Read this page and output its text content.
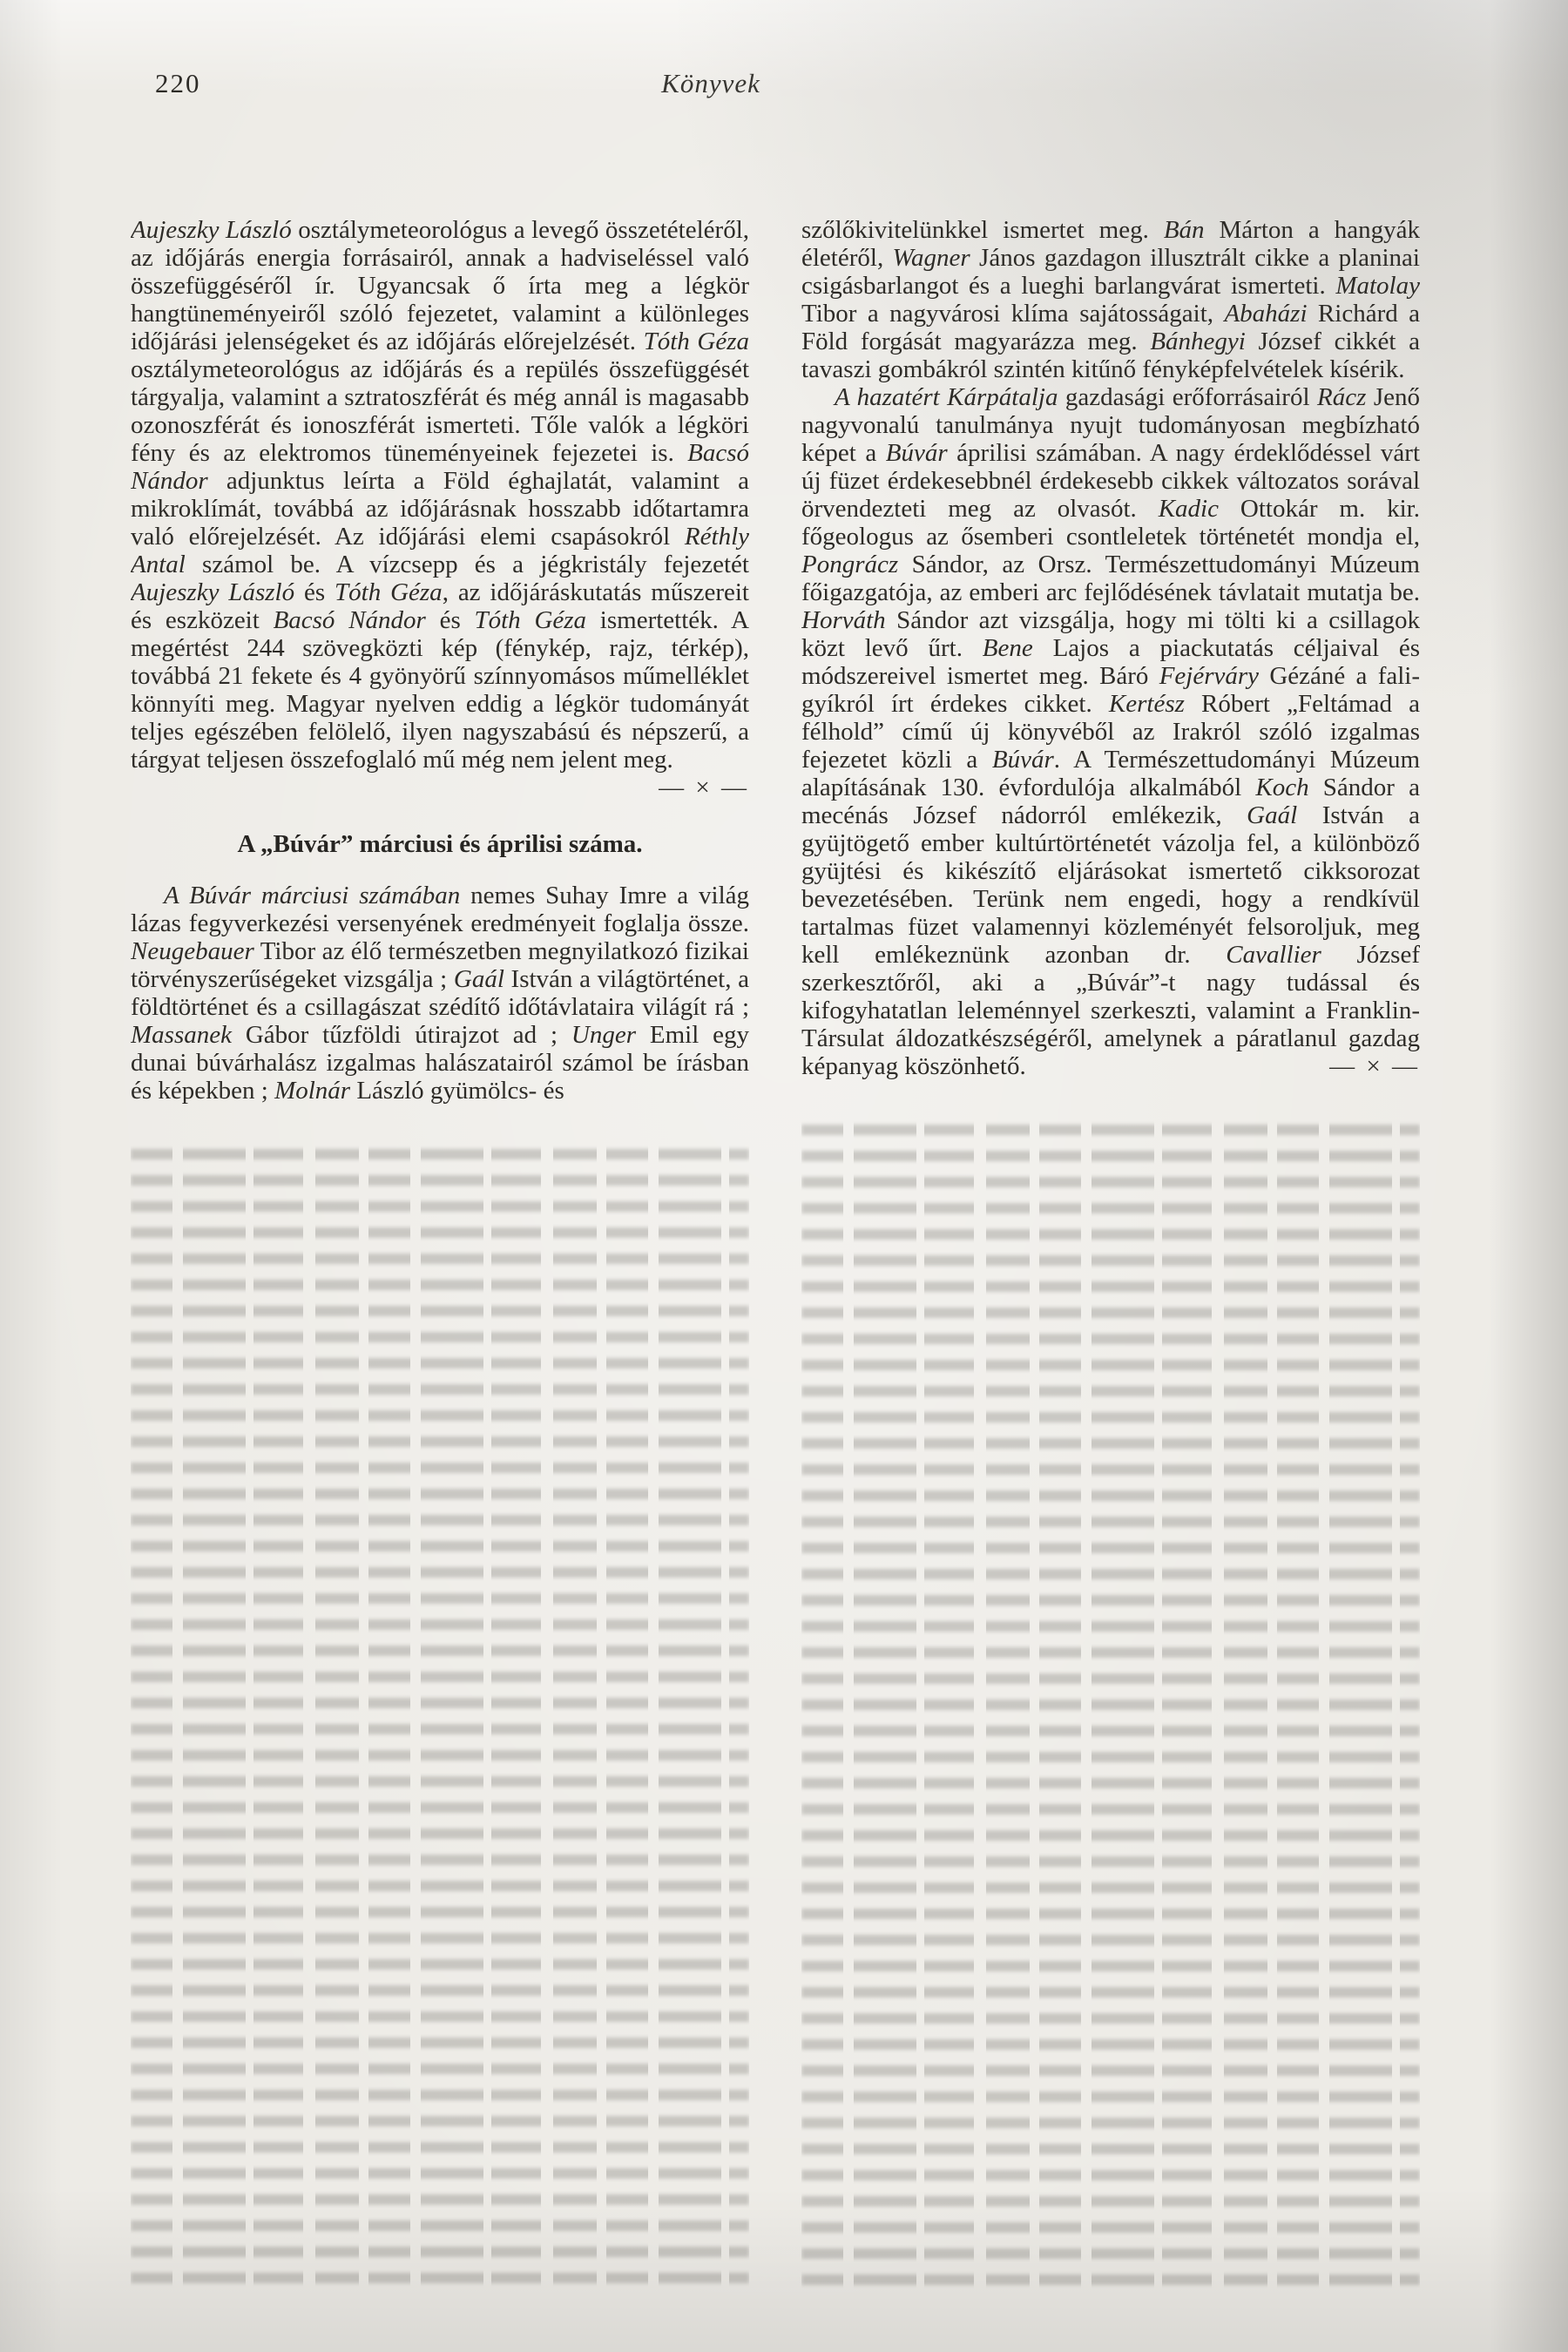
220	Könyvek

Aujeszky László osztálymeteorológus a levegő összetételéről, az időjárás energia forrásairól, annak a hadviseléssel való összefüggéséről ír. Ugyancsak ő írta meg a légkör hangtüneményeiről szóló fejezetet, valamint a különleges időjárási jelenségeket és az időjárás előrejelzését. Tóth Géza osztálymeteorológus az időjárás és a repülés összefüggését tárgyalja, valamint a sztratoszférát és még annál is magasabb ozonoszférát és ionoszférát ismerteti. Tőle valók a légköri fény és az elektromos tüneményeinek fejezetei is. Bacsó Nándor adjunktus leírta a Föld éghajlatát, valamint a mikroklímát, továbbá az időjárásnak hosszabb időtartamra való előrejelzését. Az időjárási elemi csapásokról Réthly Antal számol be. A vízcsepp és a jégkristály fejezetét Aujeszky László és Tóth Géza, az időjáráskutatás műszereit és eszközeit Bacsó Nándor és Tóth Géza ismertették. A megértést 244 szövegközti kép (fénykép, rajz, térkép), továbbá 21 fekete és 4 gyönyörű színnyomásos műmelléklet könnyíti meg. Magyar nyelven eddig a légkör tudományát teljes egészében felölelő, ilyen nagyszabású és népszerű, a tárgyat teljesen összefoglaló mű még nem jelent meg.
— × —

A „Búvár” márciusi és áprilisi száma.

A Búvár márciusi számában nemes Suhay Imre a világ lázas fegyverkezési versenyének eredményeit foglalja össze. Neugebauer Tibor az élő természetben megnyilatkozó fizikai törvényszerűségeket vizsgálja ; Gaál István a világtörténet, a földtörténet és a csillagászat szédítő időtávlataira világít rá ; Massanek Gábor tűzföldi útirajzot ad ; Unger Emil egy dunai búvárhalász izgalmas halászatairól számol be írásban és képekben ; Molnár László gyümölcs- és

szőlőkivitelünkkel ismertet meg. Bán Márton a hangyák életéről, Wagner János gazdagon illusztrált cikke a planinai csigásbarlangot és a lueghi barlangvárat ismerteti. Matolay Tibor a nagyvárosi klíma sajátosságait, Abaházi Richárd a Föld forgását magyarázza meg. Bánhegyi József cikkét a tavaszi gombákról szintén kitűnő fényképfelvételek kísérik.

A hazatért Kárpátalja gazdasági erőforrásairól Rácz Jenő nagyvonalú tanulmánya nyujt tudományosan megbízható képet a Búvár áprilisi számában. A nagy érdeklődéssel várt új füzet érdekesebbnél érdekesebb cikkek változatos sorával örvendezteti meg az olvasót. Kadic Ottokár m. kir. főgeologus az ősemberi csontleletek történetét mondja el, Pongrácz Sándor, az Orsz. Természettudományi Múzeum főigazgatója, az emberi arc fejlődésének távlatait mutatja be. Horváth Sándor azt vizsgálja, hogy mi tölti ki a csillagok közt levő űrt. Bene Lajos a piackutatás céljaival és módszereivel ismertet meg. Báró Fejérváry Gézáné a fali-gyíkról írt érdekes cikket. Kertész Róbert „Feltámad a félhold” című új könyvéből az Irakról szóló izgalmas fejezetet közli a Búvár. A Természettudományi Múzeum alapításának 130. évfordulója alkalmából Koch Sándor a mecénás József nádorról emlékezik, Gaál István a gyüjtögető ember kultúrtörténetét vázolja fel, a különböző gyüjtési és kikészítő eljárásokat ismertető cikksorozat bevezetésében. Terünk nem engedi, hogy a rendkívül tartalmas füzet valamennyi közleményét felsoroljuk, meg kell emlékeznünk azonban dr. Cavallier József szerkesztőről, aki a „Búvár”-t nagy tudással és kifogyhatatlan leleménnyel szerkeszti, valamint a Franklin-Társulat áldozatkészségéről, amelynek a páratlanul gazdag képanyag köszönhető.	— × —
